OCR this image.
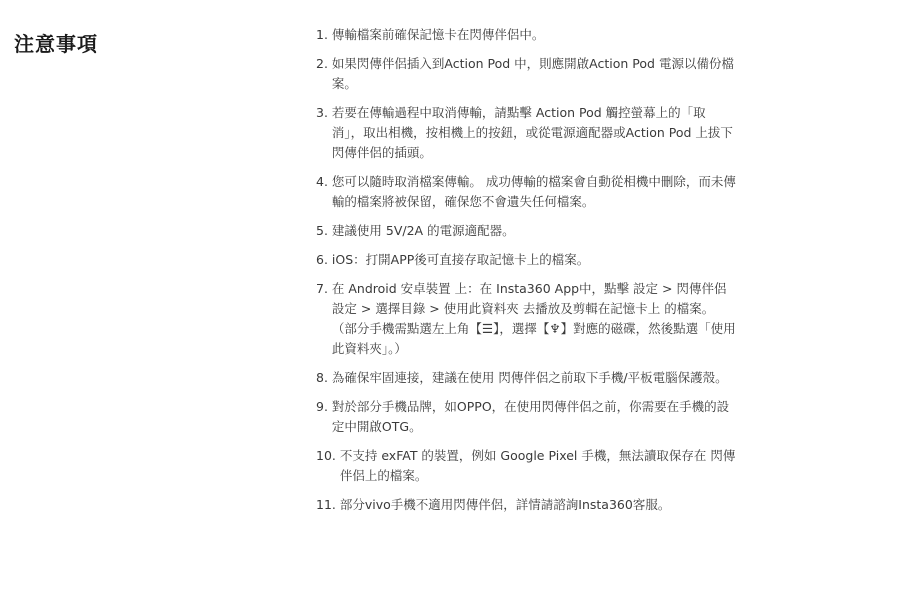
注意事項	1. 傳輸檔案前確保記憶卡在閃傳伴侶中。
2. 如果閃傳伴侶插入到Action Pod 中，則應開啟Action Pod 電源以備份檔案。
3. 若要在傳輸過程中取消傳輸，請點擊 Action Pod 觸控螢幕上的「取消」，取出相機，按相機上的按鈕，或從電源適配器或Action Pod 上拔下閃傳伴侶的插頭。
4. 您可以隨時取消檔案傳輸。 成功傳輸的檔案會自動從相機中刪除，而未傳輸的檔案將被保留，確保您不會遺失任何檔案。
5. 建議使用 5V/2A 的電源適配器。
6. iOS：打開APP後可直接存取記憶卡上的檔案。
7. 在 Android 安卓裝置 上：在 Insta360 App中，點擊 設定 > 閃傳伴侶設定 > 選擇目錄 > 使用此資料夾 去播放及剪輯在記憶卡上 的檔案。 （部分手機需點選左上角【☰】，選擇【♆】對應的磁碟，然後點選「使用此資料夾」。）
8. 為確保牢固連接，建議在使用 閃傳伴侶之前取下手機/平板電腦保護殼。
9. 對於部分手機品牌，如OPPO，在使用閃傳伴侶之前，你需要在手機的設定中開啟OTG。
10. 不支持 exFAT 的裝置，例如 Google Pixel 手機，無法讀取保存在 閃傳伴侶上的檔案。
11. 部分vivo手機不適用閃傳伴侶，詳情請諮詢Insta360客服。
